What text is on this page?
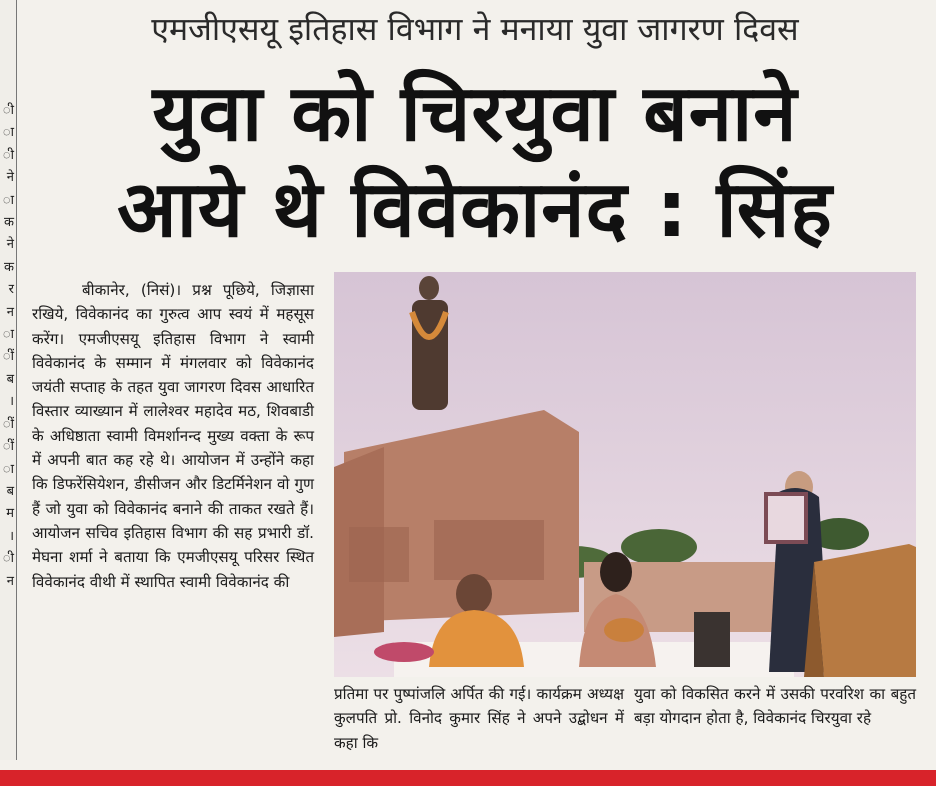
ी
ा
ी
ने
ा
क
ने
क
र
न
ा
ीं
ब
।
ीं
ीं
ा
ब
म
।
ी
न
एमजीएसयू इतिहास विभाग ने मनाया युवा जागरण दिवस
युवा को चिरयुवा बनाने
आये थे विवेकानंद : सिंह

बीकानेर, (निसं)। प्रश्न पूछिये, जिज्ञासा रखिये, विवेकानंद का गुरुत्व आप स्वयं में महसूस करेंग। एमजीएसयू इतिहास विभाग ने स्वामी विवेकानंद के सम्मान में मंगलवार को विवेकानंद जयंती सप्ताह के तहत युवा जागरण दिवस आधारित विस्तार व्याख्यान में लालेश्वर महादेव मठ, शिवबाडी के अधिष्ठाता स्वामी विमर्शानन्द मुख्य वक्ता के रूप में अपनी बात कह रहे थे। आयोजन में उन्होंने कहा कि डिफरेंसियेशन, डीसीजन और डिटर्मिनेशन वो गुण हैं जो युवा को विवेकानंद बनाने की ताकत रखते हैं। आयोजन सचिव इतिहास विभाग की सह प्रभारी डॉ. मेघना शर्मा ने बताया कि एमजीएसयू परिसर स्थित विवेकानंद वीथी में स्थापित स्वामी विवेकानंद की

प्रतिमा पर पुष्पांजलि अर्पित की गई। कार्यक्रम अध्यक्ष कुलपति प्रो. विनोद कुमार सिंह ने अपने उद्बोधन में कहा कि

युवा को विकसित करने में उसकी परवरिश का बहुत बड़ा योगदान होता है, विवेकानंद चिरयुवा रहे
